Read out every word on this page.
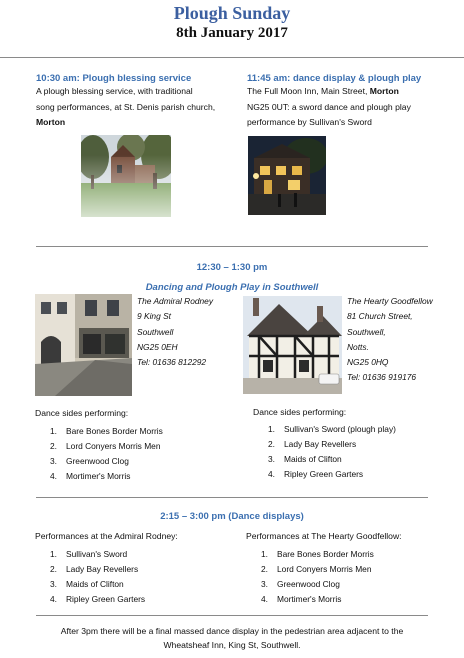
Plough Sunday
8th January 2017
10:30 am: Plough blessing service
A plough blessing service, with traditional
song performances, at St. Denis parish church,
Morton
11:45 am: dance display & plough play
The Full Moon Inn, Main Street, Morton
NG25 0UT: a sword dance and plough play
performance by Sullivan's Sword
12:30 – 1:30 pm
Dancing and Plough Play in Southwell
The Admiral Rodney
9 King St
Southwell
NG25 0EH
Tel: 01636 812292
The Hearty Goodfellow
81 Church Street,
Southwell,
Notts.
NG25 0HQ
Tel: 01636 919176
Dance sides performing:	Dance sides performing:
1. Bare Bones Border Morris
2. Lord Conyers Morris Men
3. Greenwood Clog
4. Mortimer's Morris
1. Sullivan's Sword (plough play)
2. Lady Bay Revellers
3. Maids of Clifton
4. Ripley Green Garters
2:15 – 3:00 pm (Dance displays)
Performances at the Admiral Rodney:	Performances at The Hearty Goodfellow:
1. Sullivan's Sword
2. Lady Bay Revellers
3. Maids of Clifton
4. Ripley Green Garters
1. Bare Bones Border Morris
2. Lord Conyers Morris Men
3. Greenwood Clog
4. Mortimer's Morris
After 3pm there will be a final massed dance display in the pedestrian area adjacent to the
Wheatsheaf Inn, King St, Southwell.
